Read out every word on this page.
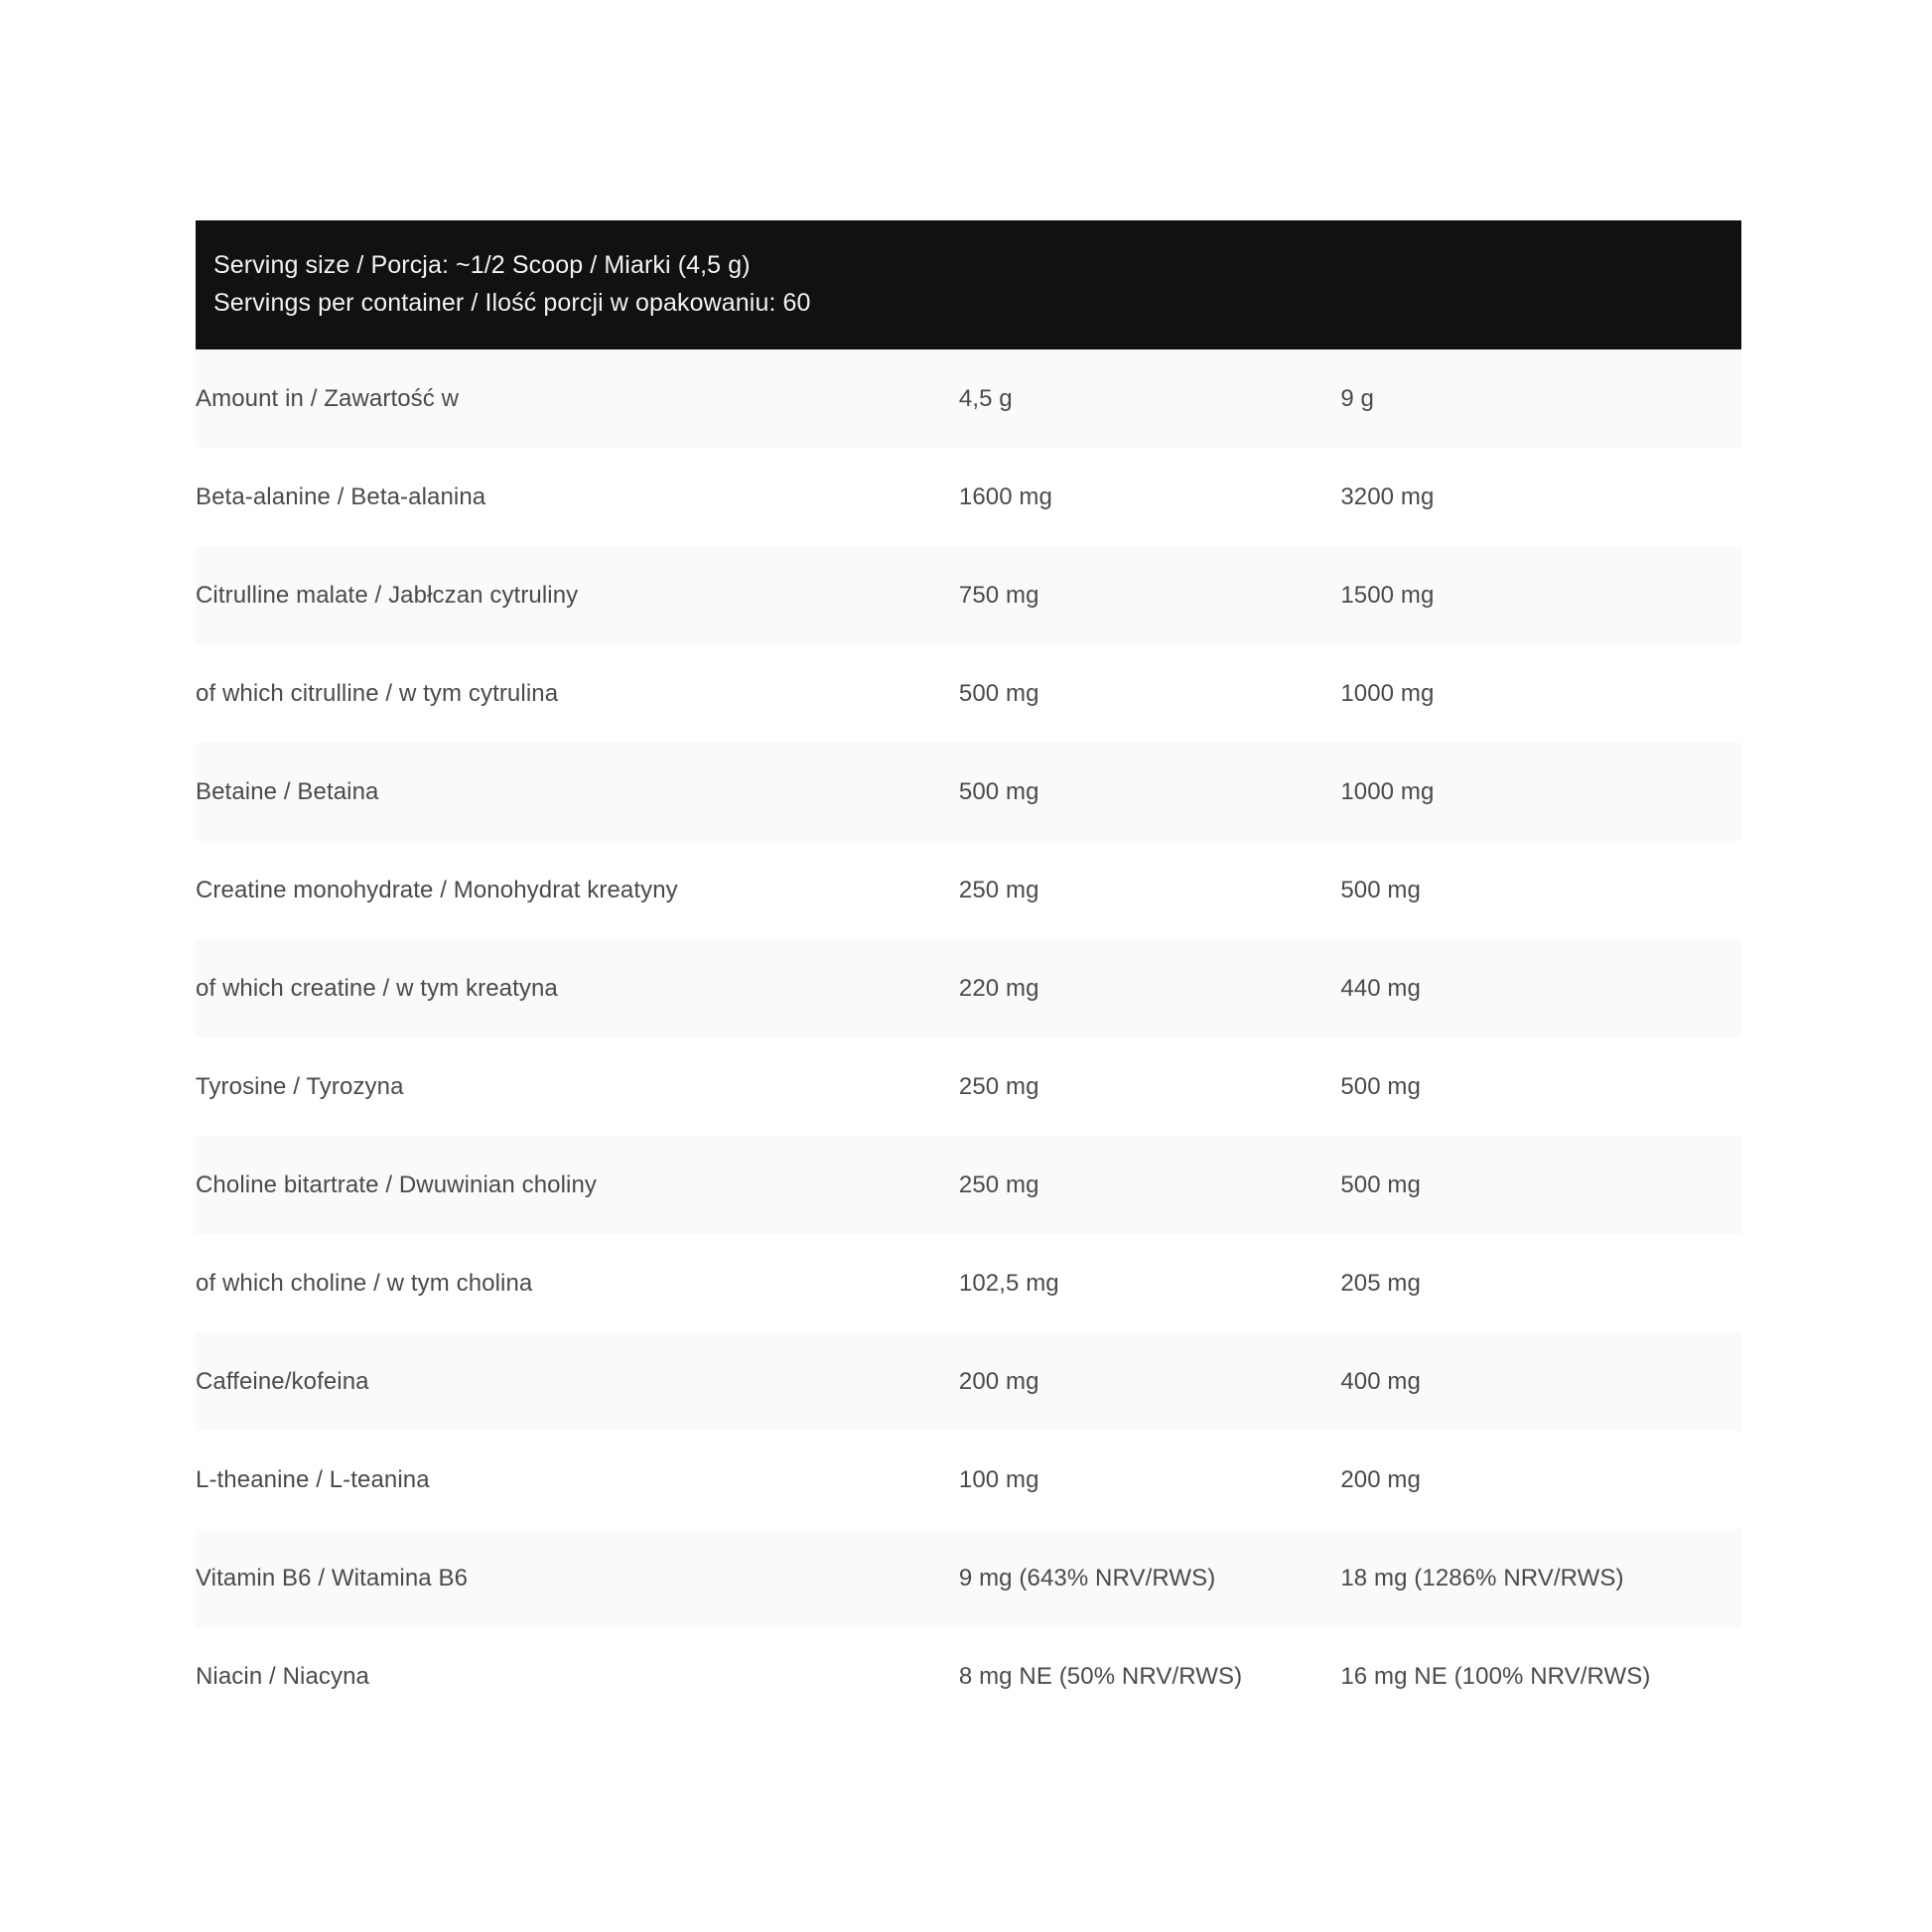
Serving size / Porcja: ~1/2 Scoop / Miarki (4,5 g)
Servings per container / Ilość porcji w opakowaniu: 60
Amount in / Zawartość w	4,5 g	9 g
Beta-alanine / Beta-alanina	1600 mg	3200 mg
Citrulline malate / Jabłczan cytruliny	750 mg	1500 mg
of which citrulline / w tym cytrulina	500 mg	1000 mg
Betaine / Betaina	500 mg	1000 mg
Creatine monohydrate / Monohydrat kreatyny	250 mg	500 mg
of which creatine / w tym kreatyna	220 mg	440 mg
Tyrosine / Tyrozyna	250 mg	500 mg
Choline bitartrate / Dwuwinian choliny	250 mg	500 mg
of which choline / w tym cholina	102,5 mg	205 mg
Caffeine/kofeina	200 mg	400 mg
L-theanine / L-teanina	100 mg	200 mg
Vitamin B6 / Witamina B6	9 mg (643% NRV/RWS)	18 mg (1286% NRV/RWS)
Niacin / Niacyna	8 mg NE (50% NRV/RWS)	16 mg NE (100% NRV/RWS)
